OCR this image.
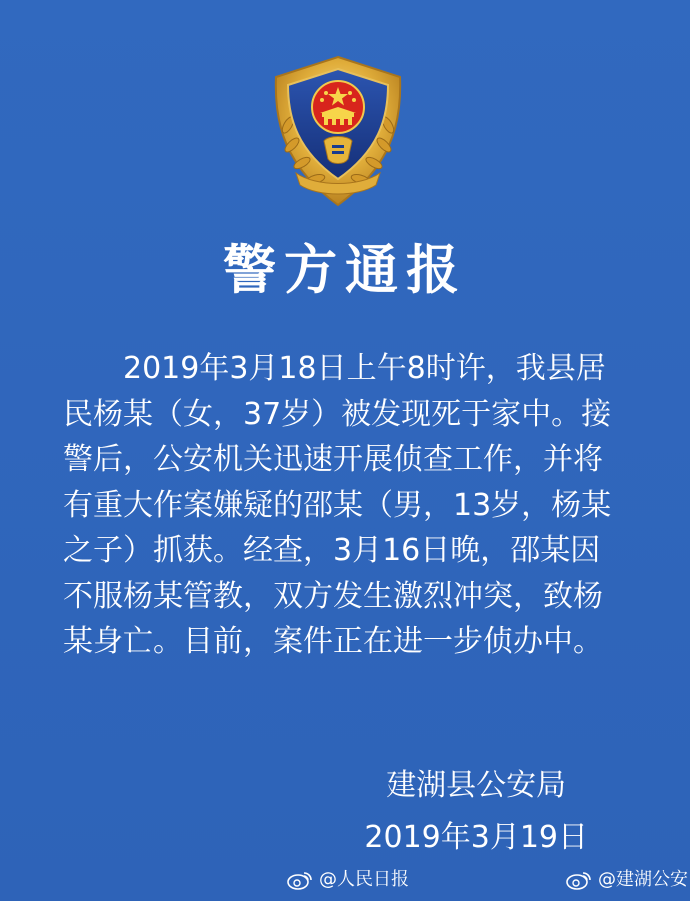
警方通报
　　2019年3月18日上午8时许，我县居
民杨某（女，37岁）被发现死于家中。接
警后，公安机关迅速开展侦查工作，并将
有重大作案嫌疑的邵某（男，13岁，杨某
之子）抓获。经查，3月16日晚，邵某因
不服杨某管教，双方发生激烈冲突，致杨
某身亡。目前，案件正在进一步侦办中。
建湖县公安局
2019年3月19日
@人民日报	@建湖公安
